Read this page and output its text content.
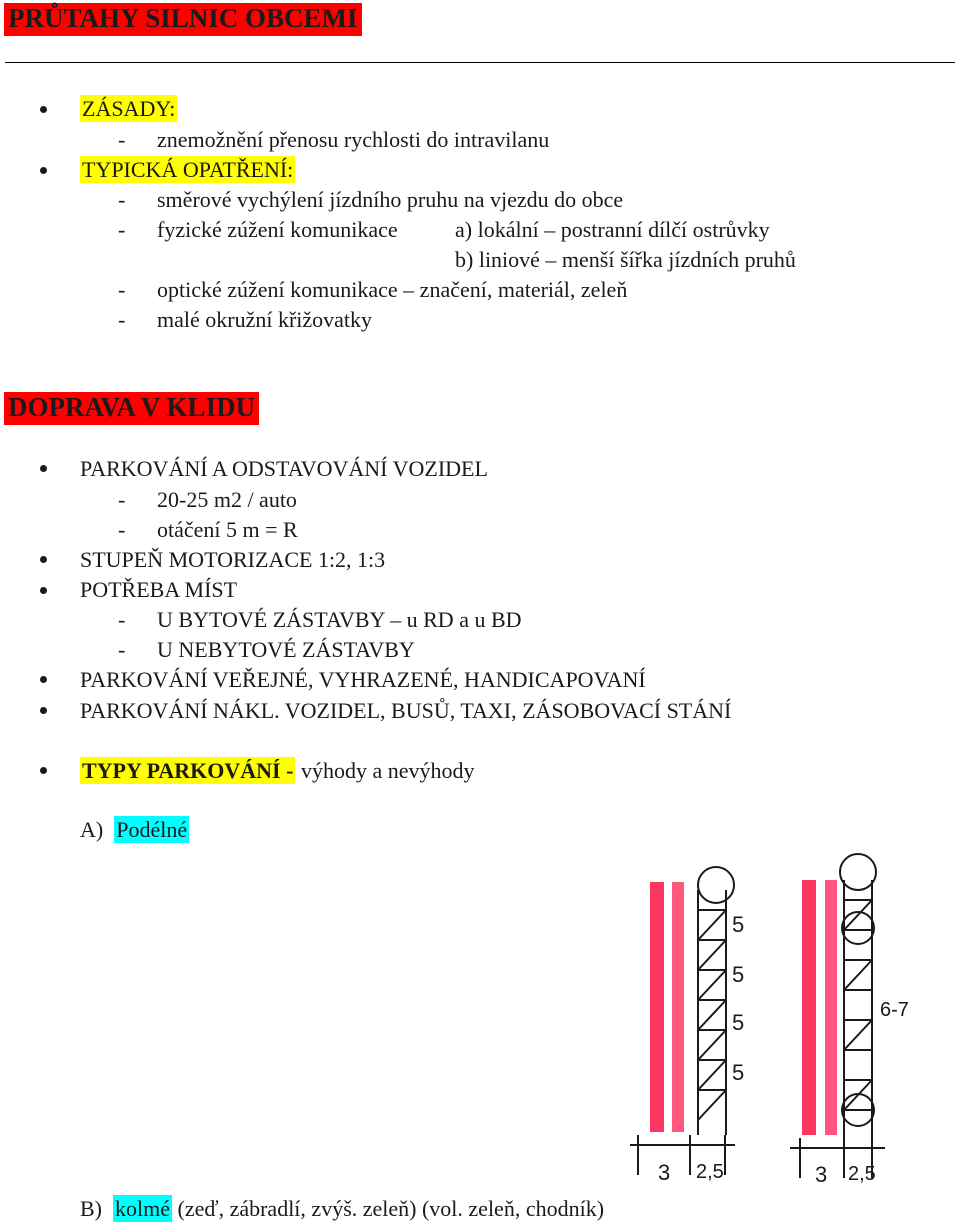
PRŮTAHY SILNIC OBCEMI
ZÁSADY:
- znemožnění přenosu rychlosti do intravilanu
TYPICKÁ OPATŘENÍ:
- směrové vychýlení jízdního pruhu na vjezdu do obce
- fyzické zúžení komunikace	a) lokální – postranní dílčí ostrůvky
b) liniové – menší šířka jízdních pruhů
- optické zúžení komunikace – značení, materiál, zeleň
- malé okružní křižovatky
DOPRAVA V KLIDU
PARKOVÁNÍ A ODSTAVOVÁNÍ VOZIDEL
- 20-25 m2 / auto
- otáčení 5 m = R
STUPEŇ MOTORIZACE 1:2, 1:3
POTŘEBA MÍST
- U BYTOVÉ ZÁSTAVBY – u RD a u BD
- U NEBYTOVÉ ZÁSTAVBY
PARKOVÁNÍ VEŘEJNÉ, VYHRAZENÉ, HANDICAPOVANÍ
PARKOVÁNÍ NÁKL. VOZIDEL, BUSŮ, TAXI, ZÁSOBOVACÍ STÁNÍ
TYPY PARKOVÁNÍ - výhody a nevýhody
A) Podélné
B) kolmé (zeď, zábradlí, zvýš. zeleň) (vol. zeleň, chodník)
5
5
5
5
3 2,5
6-7
3 2,5
